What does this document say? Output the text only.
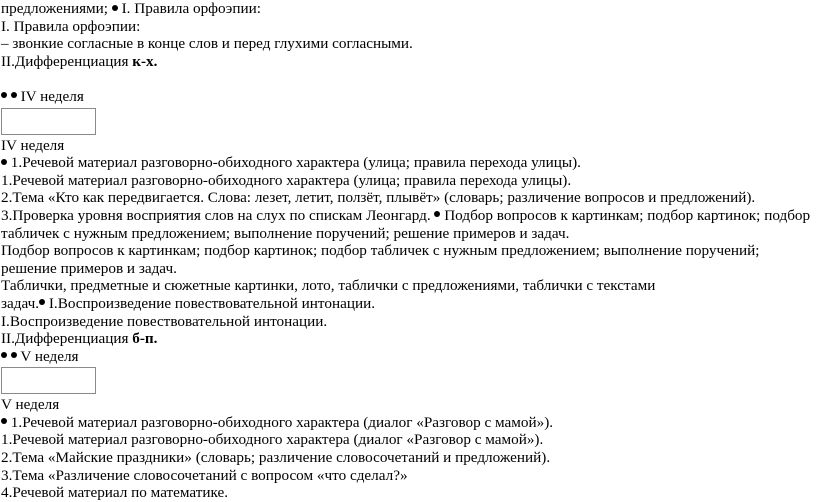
предложениями; I. Правила орфоэпии:
I. Правила орфоэпии:
– звонкие согласные в конце слов и перед глухими согласными.
II.Дифференциация к-х.
IV неделя
IV неделя
1.Речевой материал разговорно-обиходного характера (улица; правила перехода улицы).
1.Речевой материал разговорно-обиходного характера (улица; правила перехода улицы).
2.Тема «Кто как передвигается. Слова: лезет, летит, ползёт, плывёт» (словарь; различение вопросов и предложений).
3.Проверка уровня восприятия слов на слух по спискам Леонгард. Подбор вопросов к картинкам; подбор картинок; подбор
табличек с нужным предложением; выполнение поручений; решение примеров и задач.
Подбор вопросов к картинкам; подбор картинок; подбор табличек с нужным предложением; выполнение поручений;
решение примеров и задач.
Таблички, предметные и сюжетные картинки, лото, таблички с предложениями, таблички с текстами
задач. I.Воспроизведение повествовательной интонации.
I.Воспроизведение повествовательной интонации.
II.Дифференциация б-п.
V неделя
V неделя
1.Речевой материал разговорно-обиходного характера (диалог «Разговор с мамой»).
1.Речевой материал разговорно-обиходного характера (диалог «Разговор с мамой»).
2.Тема «Майские праздники» (словарь; различение словосочетаний и предложений).
3.Тема «Различение словосочетаний с вопросом «что сделал?»
4.Речевой материал по математике.
